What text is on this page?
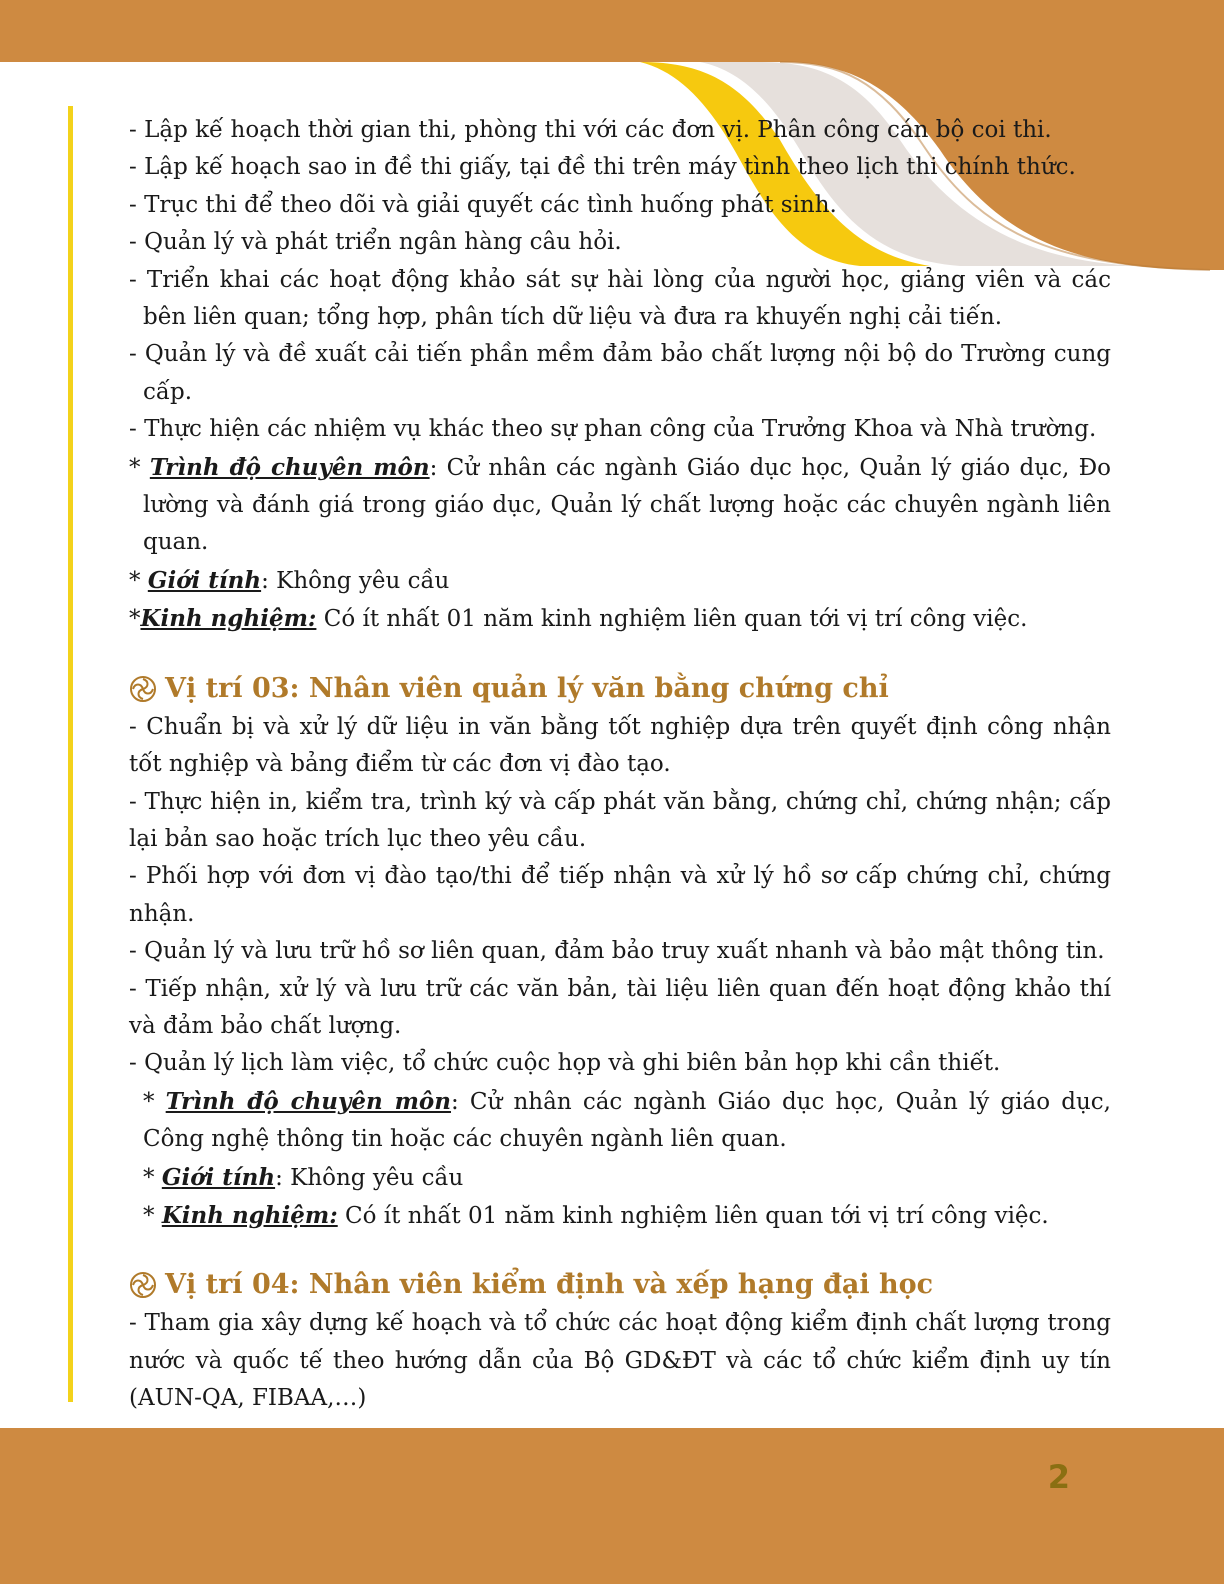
- Lập kế hoạch thời gian thi, phòng thi với các đơn vị. Phân công cán bộ coi thi.
- Lập kế hoạch sao in đề thi giấy, tại đề thi trên máy tình theo lịch thi chính thức.
- Trục thi để theo dõi và giải quyết các tình huống phát sinh.
- Quản lý và phát triển ngân hàng câu hỏi.
- Triển khai các hoạt động khảo sát sự hài lòng của người học, giảng viên và các bên liên quan; tổng hợp, phân tích dữ liệu và đưa ra khuyến nghị cải tiến.
- Quản lý và đề xuất cải tiến phần mềm đảm bảo chất lượng nội bộ do Trường cung cấp.
- Thực hiện các nhiệm vụ khác theo sự phan công của Trưởng Khoa và Nhà trường.
* Trình độ chuyên môn: Cử nhân các ngành Giáo dục học, Quản lý giáo dục, Đo lường và đánh giá trong giáo dục, Quản lý chất lượng hoặc các chuyên ngành liên quan.
* Giới tính: Không yêu cầu
*Kinh nghiệm: Có ít nhất 01 năm kinh nghiệm liên quan tới vị trí công việc.
Vị trí 03: Nhân viên quản lý văn bằng chứng chỉ
- Chuẩn bị và xử lý dữ liệu in văn bằng tốt nghiệp dựa trên quyết định công nhận tốt nghiệp và bảng điểm từ các đơn vị đào tạo.
- Thực hiện in, kiểm tra, trình ký và cấp phát văn bằng, chứng chỉ, chứng nhận; cấp lại bản sao hoặc trích lục theo yêu cầu.
- Phối hợp với đơn vị đào tạo/thi để tiếp nhận và xử lý hồ sơ cấp chứng chỉ, chứng nhận.
- Quản lý và lưu trữ hồ sơ liên quan, đảm bảo truy xuất nhanh và bảo mật thông tin.
- Tiếp nhận, xử lý và lưu trữ các văn bản, tài liệu liên quan đến hoạt động khảo thí và đảm bảo chất lượng.
- Quản lý lịch làm việc, tổ chức cuộc họp và ghi biên bản họp khi cần thiết.
* Trình độ chuyên môn: Cử nhân các ngành Giáo dục học, Quản lý giáo dục, Công nghệ thông tin hoặc các chuyên ngành liên quan.
* Giới tính: Không yêu cầu
* Kinh nghiệm: Có ít nhất 01 năm kinh nghiệm liên quan tới vị trí công việc.
Vị trí 04: Nhân viên kiểm định và xếp hạng đại học
- Tham gia xây dựng kế hoạch và tổ chức các hoạt động kiểm định chất lượng trong nước và quốc tế theo hướng dẫn của Bộ GD&ĐT và các tổ chức kiểm định uy tín (AUN-QA, FIBAA,…)
2
